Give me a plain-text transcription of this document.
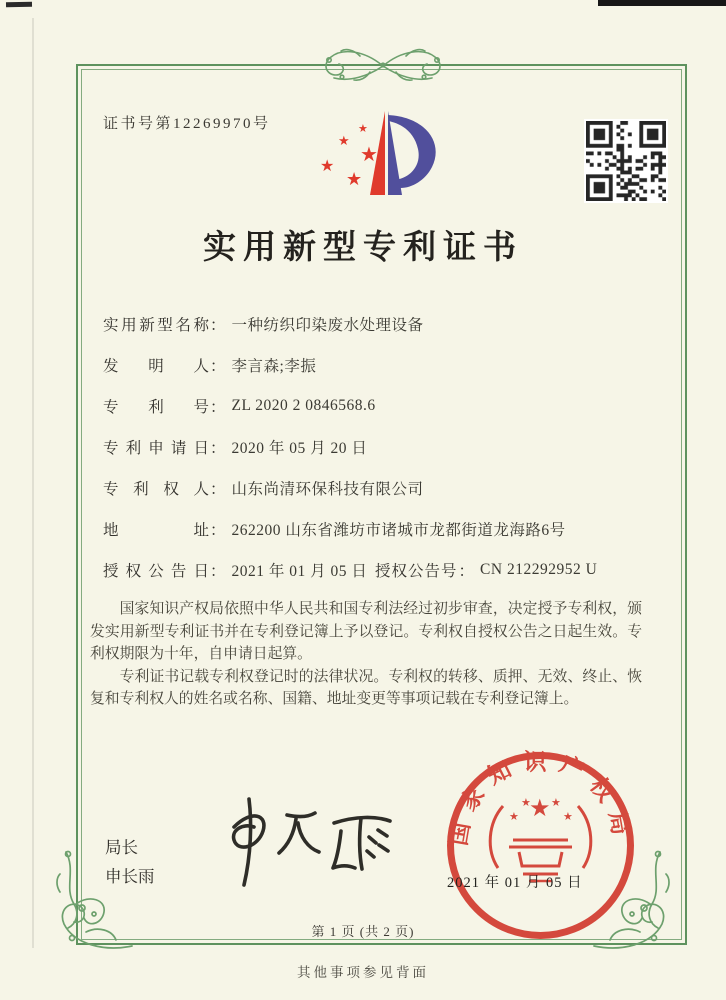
证书号第12269970号	★
★
★
★
★
实用新型专利证书
实用新型名称 ： 一种纺织印染废水处理设备
发明人 ： 李言森;李振
专利号 ： ZL 2020 2 0846568.6
专利申请日 ： 2020 年 05 月 20 日
专利权人 ： 山东尚清环保科技有限公司
地址 ： 262200 山东省潍坊市诸城市龙都街道龙海路6号
授权公告日 ： 2021 年 01 月 05 日 授权公告号 ： CN 212292952 U

国家知识产权局依照中华人民共和国专利法经过初步审查，决定授予专利权，颁发实用新型专利证书并在专利登记簿上予以登记。专利权自授权公告之日起生效。专利权期限为十年，自申请日起算。

专利证书记载专利权登记时的法律状况。专利权的转移、质押、无效、终止、恢复和专利权人的姓名或名称、国籍、地址变更等事项记载在专利登记簿上。

局长
申长雨
国家知识产权局
★
★
★ ★
★
2021 年 01 月 05 日
第 1 页 (共 2 页)
其他事项参见背面
